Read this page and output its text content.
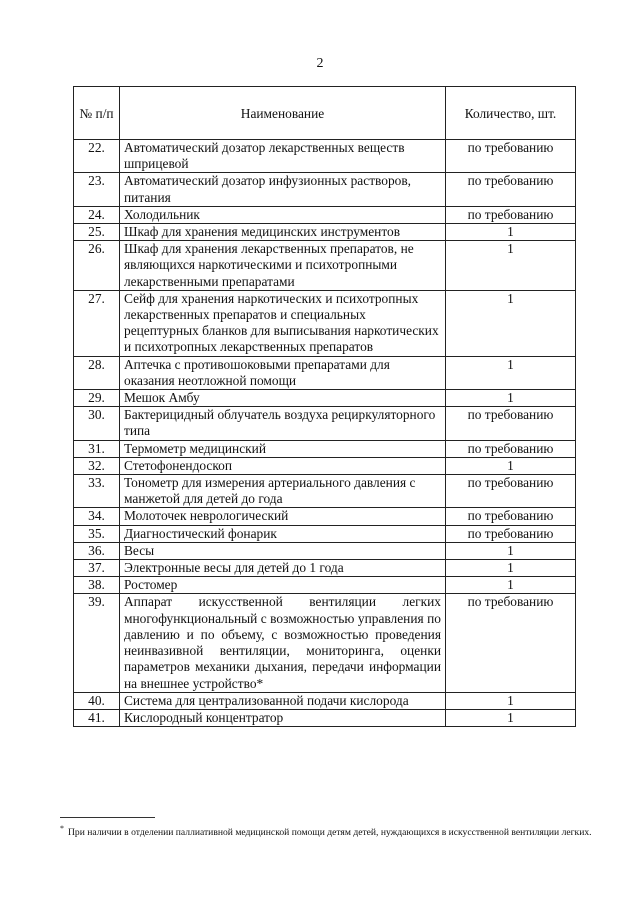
2
№ п/п	Наименование	Количество, шт.
22.	Автоматический дозатор лекарственных веществ шприцевой	по требованию
23.	Автоматический дозатор инфузионных растворов, питания	по требованию
24.	Холодильник	по требованию
25.	Шкаф для хранения медицинских инструментов	1
26.	Шкаф для хранения лекарственных препаратов, не являющихся наркотическими и психотропными лекарственными препаратами	1
27.	Сейф для хранения наркотических и психотропных лекарственных препаратов и специальных рецептурных бланков для выписывания наркотических и психотропных лекарственных препаратов	1
28.	Аптечка с противошоковыми препаратами для оказания неотложной помощи	1
29.	Мешок Амбу	1
30.	Бактерицидный облучатель воздуха рециркуляторного типа	по требованию
31.	Термометр медицинский	по требованию
32.	Стетофонендоскоп	1
33.	Тонометр для измерения артериального давления с манжетой для детей до года	по требованию
34.	Молоточек неврологический	по требованию
35.	Диагностический фонарик	по требованию
36.	Весы	1
37.	Электронные весы для детей до 1 года	1
38.	Ростомер	1
39.	Аппарат искусственной вентиляции легких многофункциональный с возможностью управления по давлению и по объему, с возможностью проведения неинвазивной вентиляции, мониторинга, оценки параметров механики дыхания, передачи информации на внешнее устройство*	по требованию
40.	Система для централизованной подачи кислорода	1
41.	Кислородный концентратор	1
* При наличии в отделении паллиативной медицинской помощи детям детей, нуждающихся в искусственной вентиляции легких.
